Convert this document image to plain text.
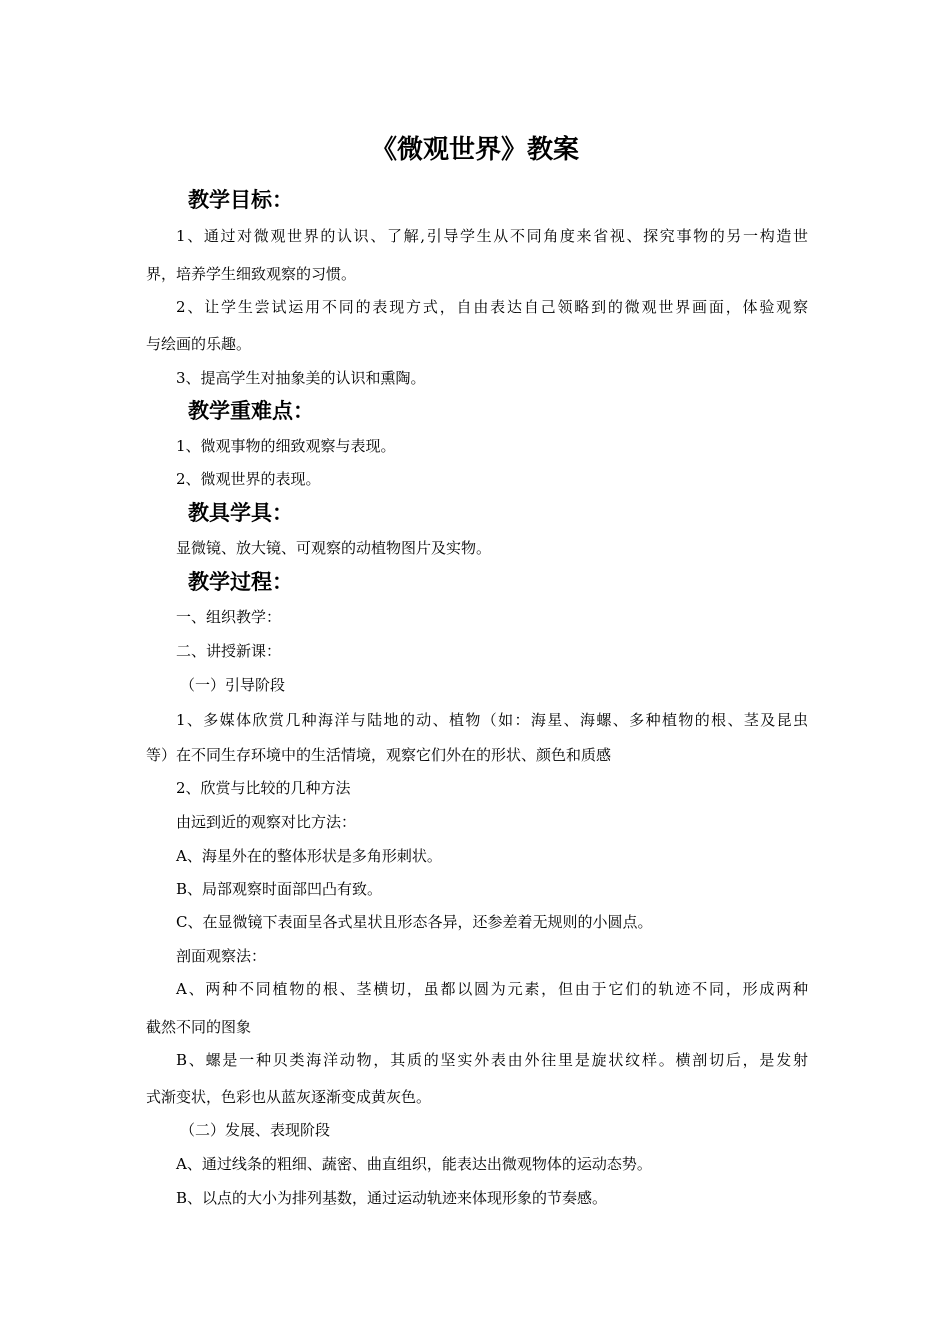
《微观世界》教案
教学目标：
1、通过对微观世界的认识、了解,引导学生从不同角度来省视、探究事物的另一构造世
界，培养学生细致观察的习惯。
2、让学生尝试运用不同的表现方式，自由表达自己领略到的微观世界画面，体验观察
与绘画的乐趣。
3、提高学生对抽象美的认识和熏陶。
教学重难点：
1、微观事物的细致观察与表现。
2、微观世界的表现。
教具学具：
显微镜、放大镜、可观察的动植物图片及实物。
教学过程：
一、组织教学：
二、讲授新课：
（一）引导阶段
1、多媒体欣赏几种海洋与陆地的动、植物（如：海星、海螺、多种植物的根、茎及昆虫
等）在不同生存环境中的生活情境，观察它们外在的形状、颜色和质感
2、欣赏与比较的几种方法
由远到近的观察对比方法：
A、海星外在的整体形状是多角形刺状。
B、局部观察时面部凹凸有致。
C、在显微镜下表面呈各式星状且形态各异，还参差着无规则的小圆点。
剖面观察法：
A、两种不同植物的根、茎横切，虽都以圆为元素，但由于它们的轨迹不同，形成两种
截然不同的图象
B、螺是一种贝类海洋动物，其质的坚实外表由外往里是旋状纹样。横剖切后，是发射
式渐变状，色彩也从蓝灰逐渐变成黄灰色。
（二）发展、表现阶段
A、通过线条的粗细、蔬密、曲直组织，能表达出微观物体的运动态势。
B、以点的大小为排列基数，通过运动轨迹来体现形象的节奏感。
